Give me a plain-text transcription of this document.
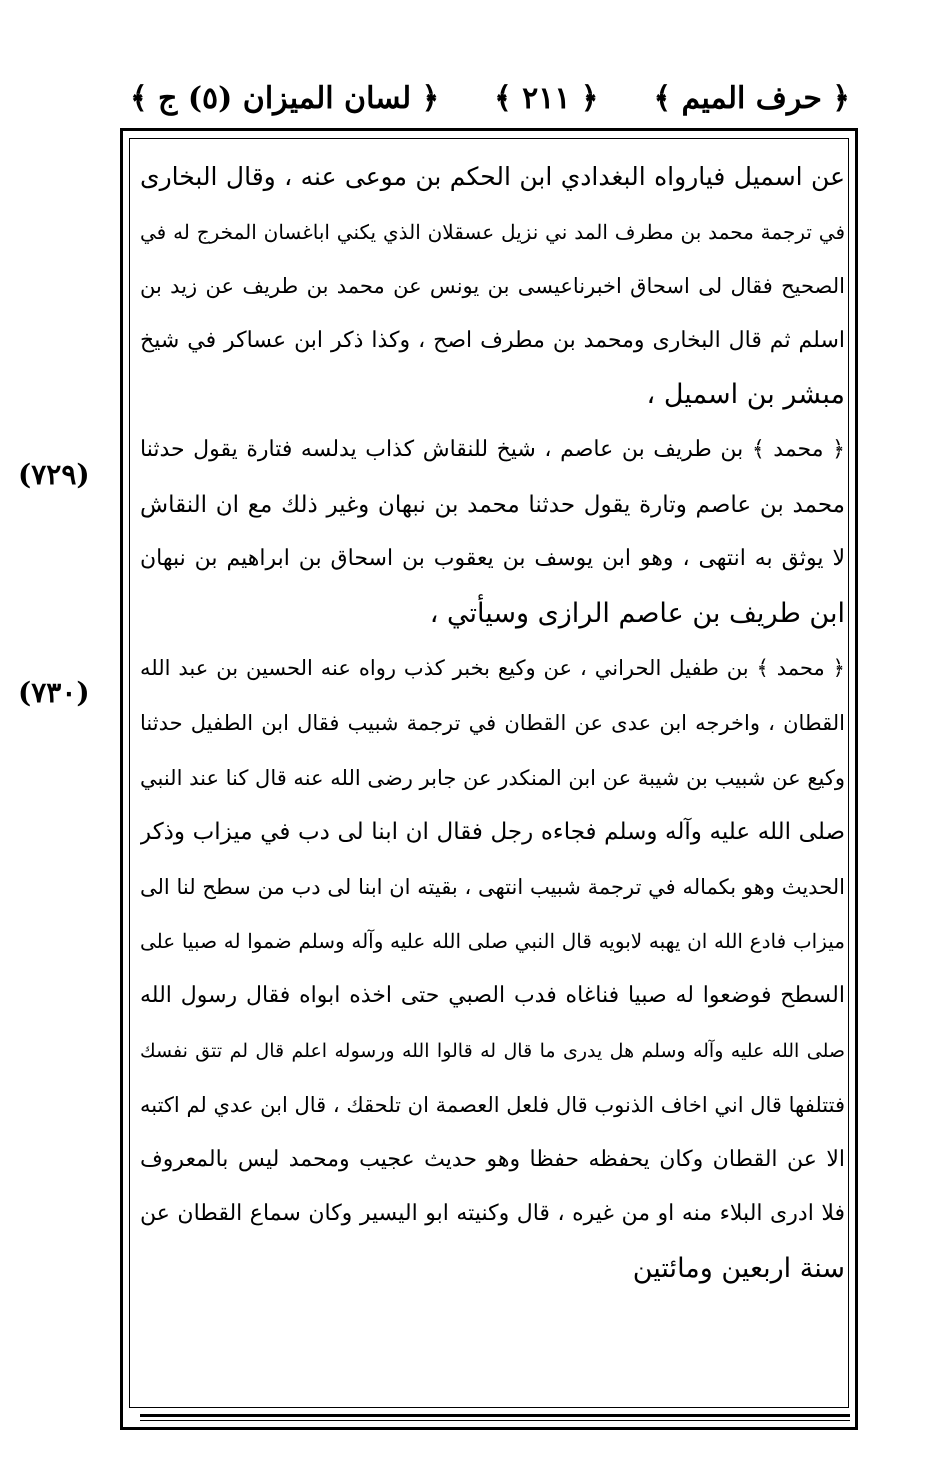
﴿ حرف الميم ﴾
﴿ ٢١١ ﴾
﴿ لسان الميزان (٥) ج ﴾
(٧٢٩)
(٧٣٠)
عن اسميل فيارواه البغدادي ابن الحكم بن موعى عنه ، وقال البخارى
في ترجمة محمد بن مطرف المد ني نزيل عسقلان الذي يكني اباغسان المخرج له في
الصحيح فقال لى اسحاق اخبرناعيسى بن يونس عن محمد بن طريف عن زيد بن
اسلم ثم قال البخارى ومحمد بن مطرف اصح ، وكذا ذكر ابن عساكر في شيخ
مبشر بن اسميل ،
﴿ محمد ﴾ بن طريف بن عاصم ، شيخ للنقاش كذاب يدلسه فتارة يقول حدثنا
محمد بن عاصم وتارة يقول حدثنا محمد بن نبهان وغير ذلك مع ان النقاش
لا يوثق به انتهى ، وهو ابن يوسف بن يعقوب بن اسحاق بن ابراهيم بن نبهان
ابن طريف بن عاصم الرازى وسيأتي ،
﴿ محمد ﴾ بن طفيل الحراني ، عن وكيع بخبر كذب رواه عنه الحسين بن عبد الله
القطان ، واخرجه ابن عدى عن القطان في ترجمة شبيب فقال ابن الطفيل حدثنا
وكيع عن شبيب بن شيبة عن ابن المنكدر عن جابر رضى الله عنه قال كنا عند النبي
صلى الله عليه وآله وسلم فجاءه رجل فقال ان ابنا لى دب في ميزاب وذكر
الحديث وهو بكماله في ترجمة شبيب انتهى ، بقيته ان ابنا لى دب من سطح لنا الى
ميزاب فادع الله ان يهبه لابويه قال النبي صلى الله عليه وآله وسلم ضموا له صبيا على
السطح فوضعوا له صبيا فناغاه فدب الصبي حتى اخذه ابواه فقال رسول الله
صلى الله عليه وآله وسلم هل يدرى ما قال له قالوا الله ورسوله اعلم قال لم تتق نفسك
فتتلفها قال اني اخاف الذنوب قال فلعل العصمة ان تلحقك ، قال ابن عدي لم اكتبه
الا عن القطان وكان يحفظه حفظا وهو حديث عجيب ومحمد ليس بالمعروف
فلا ادرى البلاء منه او من غيره ، قال وكنيته ابو اليسير وكان سماع القطان عن
سنة اربعين ومائتين
